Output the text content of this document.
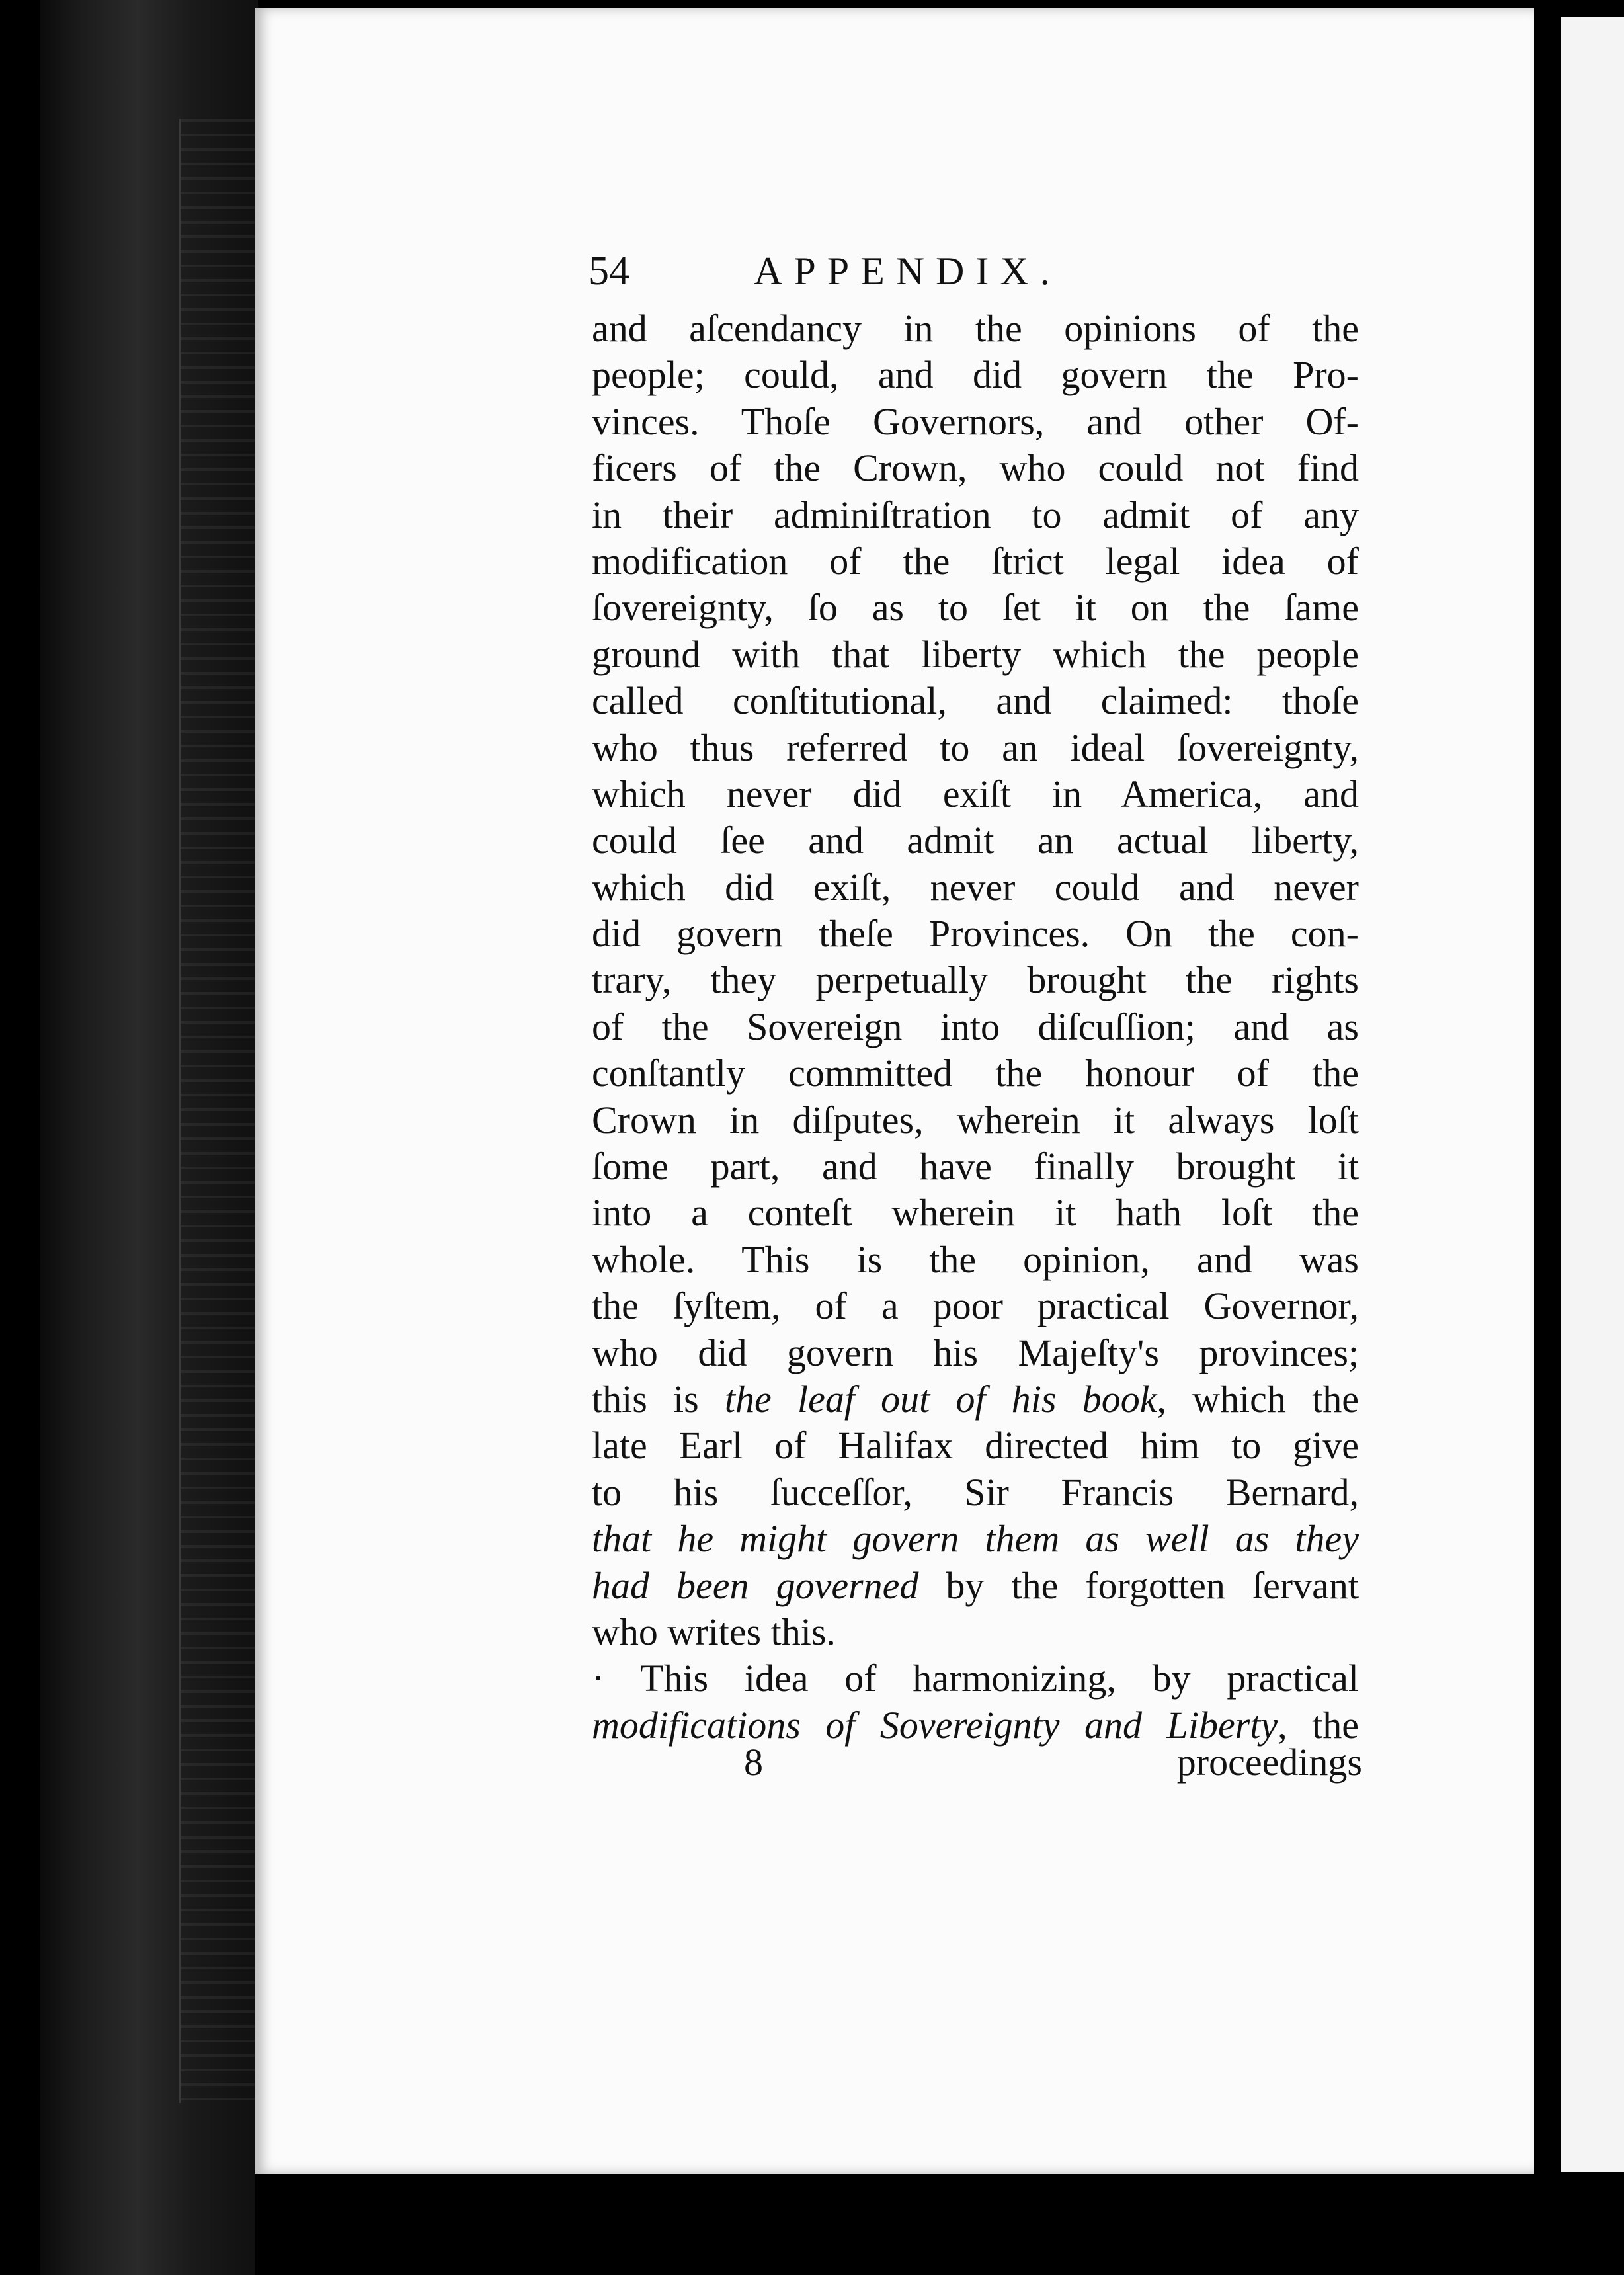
54	APPENDIX.
and aſcendancy in the opinions of the
people; could, and did govern the Pro-
vinces. Thoſe Governors, and other Of-
ficers of the Crown, who could not find
in their adminiſtration to admit of any
modification of the ſtrict legal idea of
ſovereignty, ſo as to ſet it on the ſame
ground with that liberty which the people
called conſtitutional, and claimed: thoſe
who thus referred to an ideal ſovereignty,
which never did exiſt in America, and
could ſee and admit an actual liberty,
which did exiſt, never could and never
did govern theſe Provinces. On the con-
trary, they perpetually brought the rights
of the Sovereign into diſcuſſion; and as
conſtantly committed the honour of the
Crown in diſputes, wherein it always loſt
ſome part, and have finally brought it
into a conteſt wherein it hath loſt the
whole. This is the opinion, and was
the ſyſtem, of a poor practical Governor,
who did govern his Majeſty's provinces;
this is the leaf out of his book, which the
late Earl of Halifax directed him to give
to his ſucceſſor, Sir Francis Bernard,
that he might govern them as well as they
had been governed by the forgotten ſervant
who writes this.
· This idea of harmonizing, by practical
modifications of Sovereignty and Liberty, the
8	proceedings
